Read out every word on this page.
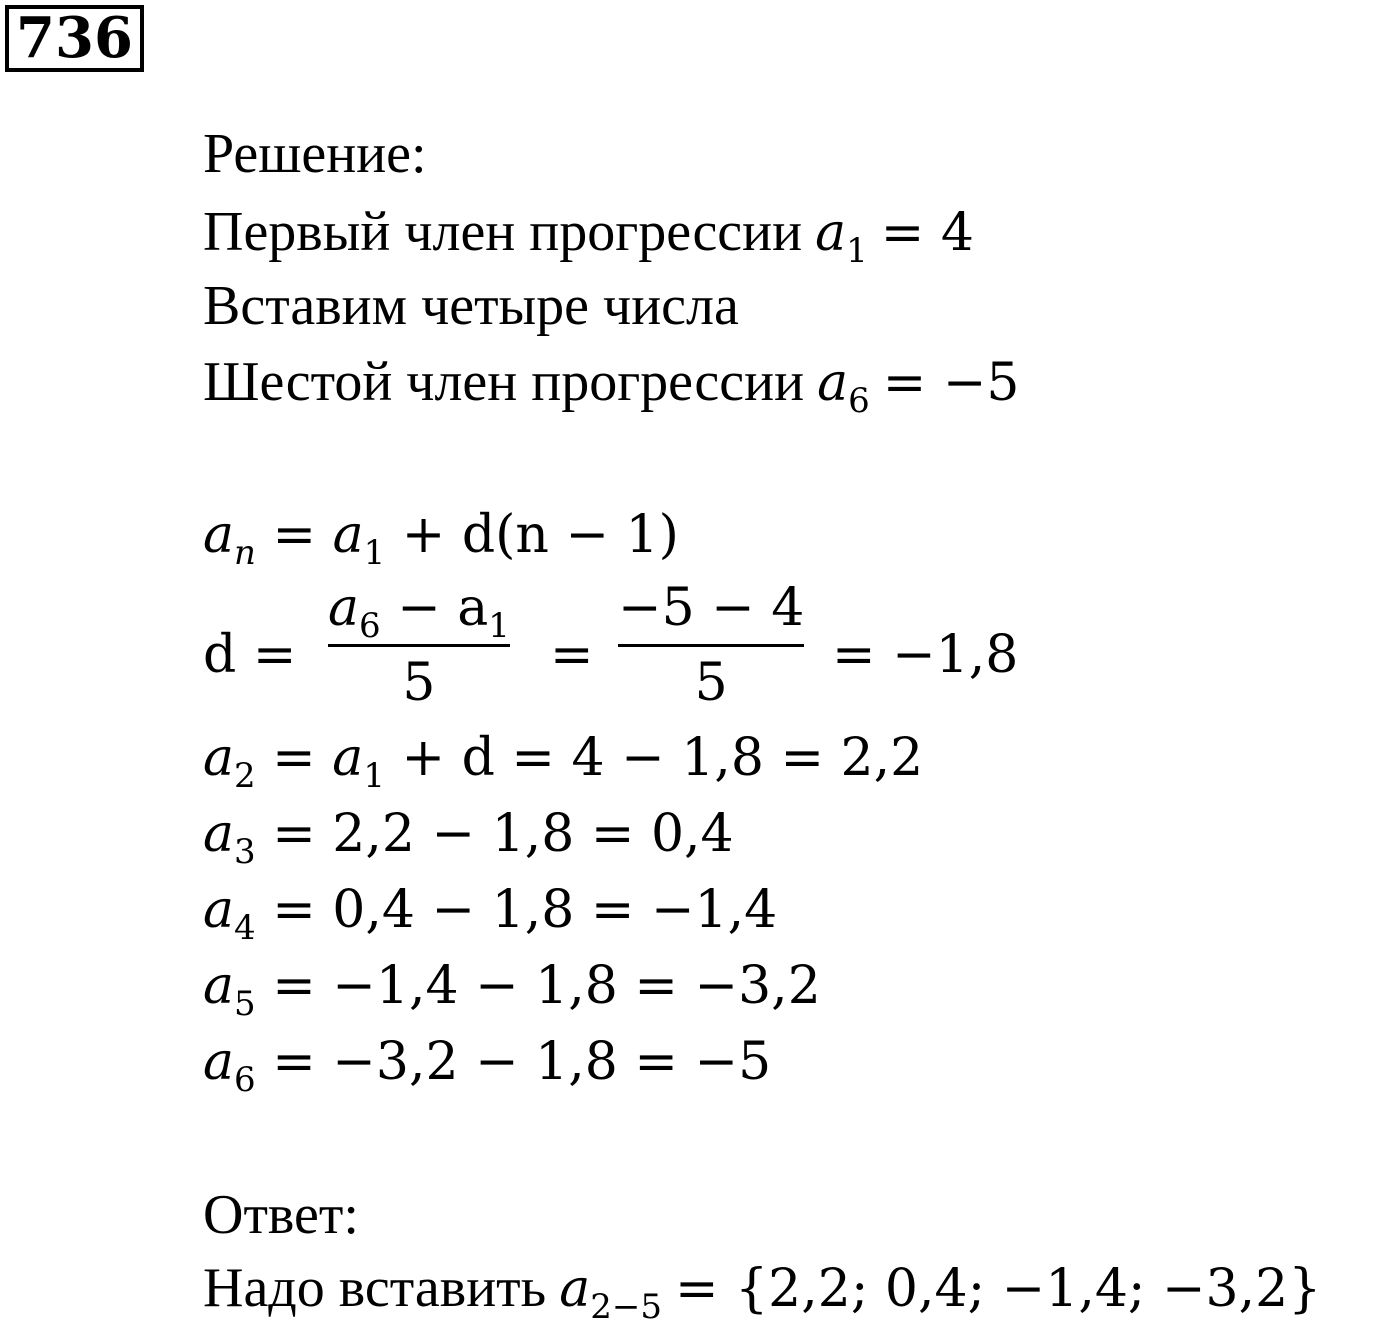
736
Решение:
Первый член прогрессии $a_1 = 4$
Вставим четыре числа
Шестой член прогрессии $a_6 = -5$
$a_n = a_1 + d(n - 1)$
d =
$a_6 - a_1$
5 =
−5 − 4
5 = −1,8
$a_2 = a_1 + d = 4 - 1,8 = 2,2$
$a_3 = 2,2 - 1,8 = 0,4$
$a_4 = 0,4 - 1,8 = -1,4$
$a_5 = -1,4 - 1,8 = -3,2$
$a_6 = -3,2 - 1,8 = -5$
Ответ:
Надо вставить $a_{2-5} = \{2,2$; 0,4; −1,4; −3,2}
